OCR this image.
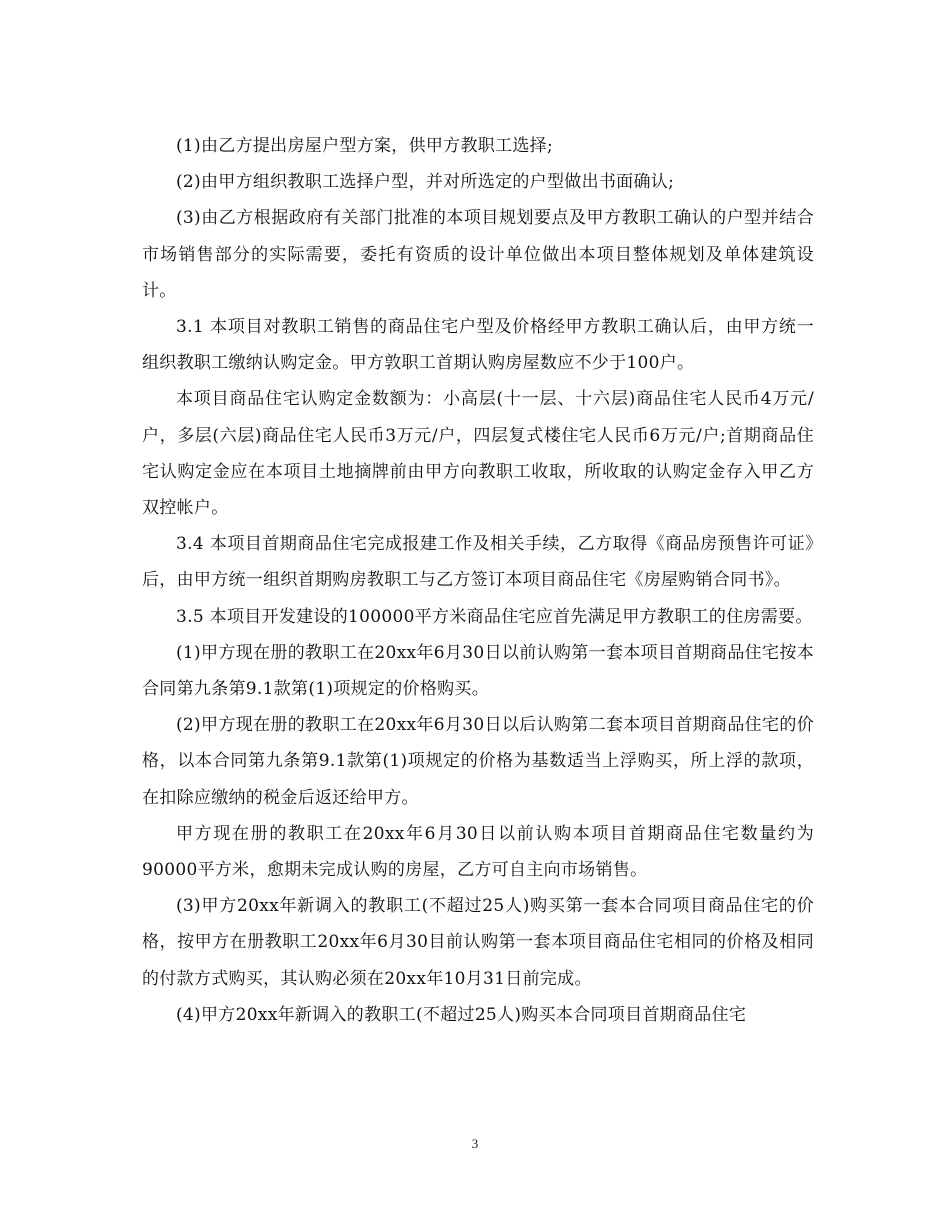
(1)由乙方提出房屋户型方案，供甲方教职工选择;

(2)由甲方组织教职工选择户型，并对所选定的户型做出书面确认;

(3)由乙方根据政府有关部门批准的本项目规划要点及甲方教职工确认的户型并结合市场销售部分的实际需要，委托有资质的设计单位做出本项目整体规划及单体建筑设计。

3.1 本项目对教职工销售的商品住宅户型及价格经甲方教职工确认后，由甲方统一组织教职工缴纳认购定金。甲方敦职工首期认购房屋数应不少于100户。

本项目商品住宅认购定金数额为：小高层(十一层、十六层)商品住宅人民币4万元/户，多层(六层)商品住宅人民币3万元/户，四层复式楼住宅人民币6万元/户;首期商品住宅认购定金应在本项目土地摘牌前由甲方向教职工收取，所收取的认购定金存入甲乙方双控帐户。

3.4 本项目首期商品住宅完成报建工作及相关手续，乙方取得《商品房预售许可证》后，由甲方统一组织首期购房教职工与乙方签订本项目商品住宅《房屋购销合同书》。

3.5 本项目开发建设的100000平方米商品住宅应首先满足甲方教职工的住房需要。

(1)甲方现在册的教职工在20xx年6月30日以前认购第一套本项目首期商品住宅按本合同第九条第9.1款第(1)项规定的价格购买。

(2)甲方现在册的教职工在20xx年6月30日以后认购第二套本项目首期商品住宅的价格，以本合同第九条第9.1款第(1)项规定的价格为基数适当上浮购买，所上浮的款项，在扣除应缴纳的税金后返还给甲方。

甲方现在册的教职工在20xx年6月30日以前认购本项目首期商品住宅数量约为90000平方米，愈期未完成认购的房屋，乙方可自主向市场销售。

(3)甲方20xx年新调入的教职工(不超过25人)购买第一套本合同项目商品住宅的价格，按甲方在册教职工20xx年6月30目前认购第一套本项目商品住宅相同的价格及相同的付款方式购买，其认购必须在20xx年10月31日前完成。

(4)甲方20xx年新调入的教职工(不超过25人)购买本合同项目首期商品住宅

3
